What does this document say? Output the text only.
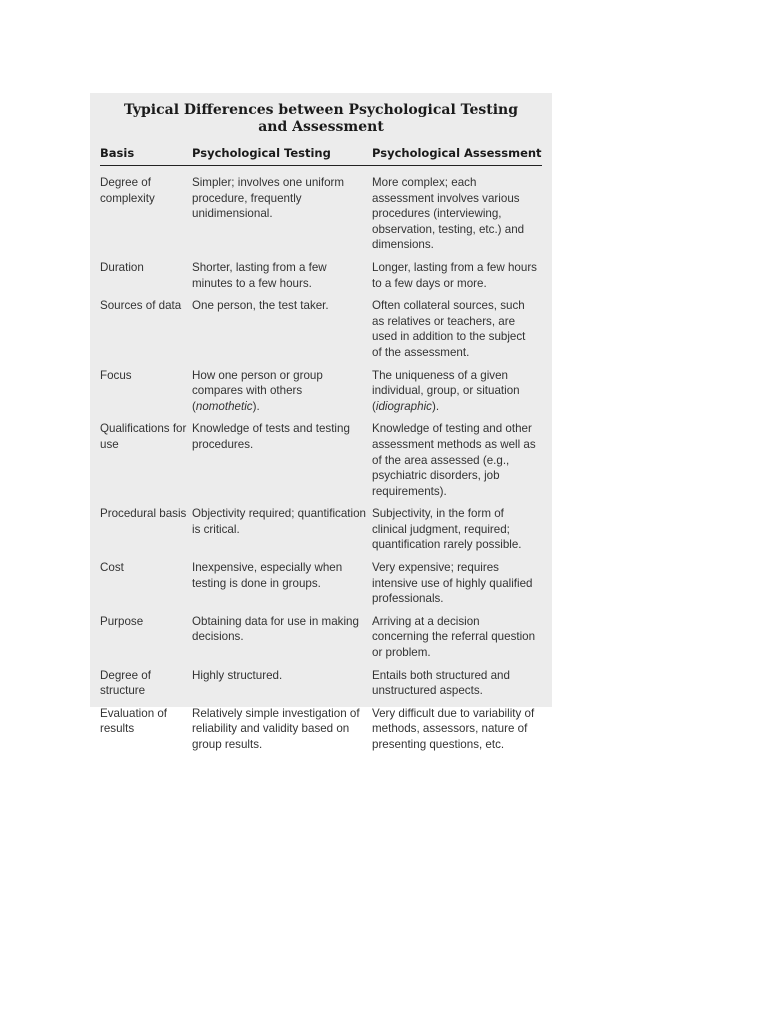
Typical Differences between Psychological Testing
and Assessment
Basis	Psychological Testing	Psychological Assessment
Degree of complexity	Simpler; involves one uniform procedure, frequently unidimensional.	More complex; each assessment involves various procedures (interviewing, observation, testing, etc.) and dimensions.
Duration	Shorter, lasting from a few minutes to a few hours.	Longer, lasting from a few hours to a few days or more.
Sources of data	One person, the test taker.	Often collateral sources, such as relatives or teachers, are used in addition to the subject of the assessment.
Focus	How one person or group compares with others (nomothetic).	The uniqueness of a given individual, group, or situation (idiographic).
Qualifications for use	Knowledge of tests and testing procedures.	Knowledge of testing and other assessment methods as well as of the area assessed (e.g., psychiatric disorders, job requirements).
Procedural basis	Objectivity required; quantification is critical.	Subjectivity, in the form of clinical judgment, required; quantification rarely possible.
Cost	Inexpensive, especially when testing is done in groups.	Very expensive; requires intensive use of highly qualified professionals.
Purpose	Obtaining data for use in making decisions.	Arriving at a decision concerning the referral question or problem.
Degree of structure	Highly structured.	Entails both structured and unstructured aspects.
Evaluation of results	Relatively simple investigation of reliability and validity based on group results.	Very difficult due to variability of methods, assessors, nature of presenting questions, etc.
